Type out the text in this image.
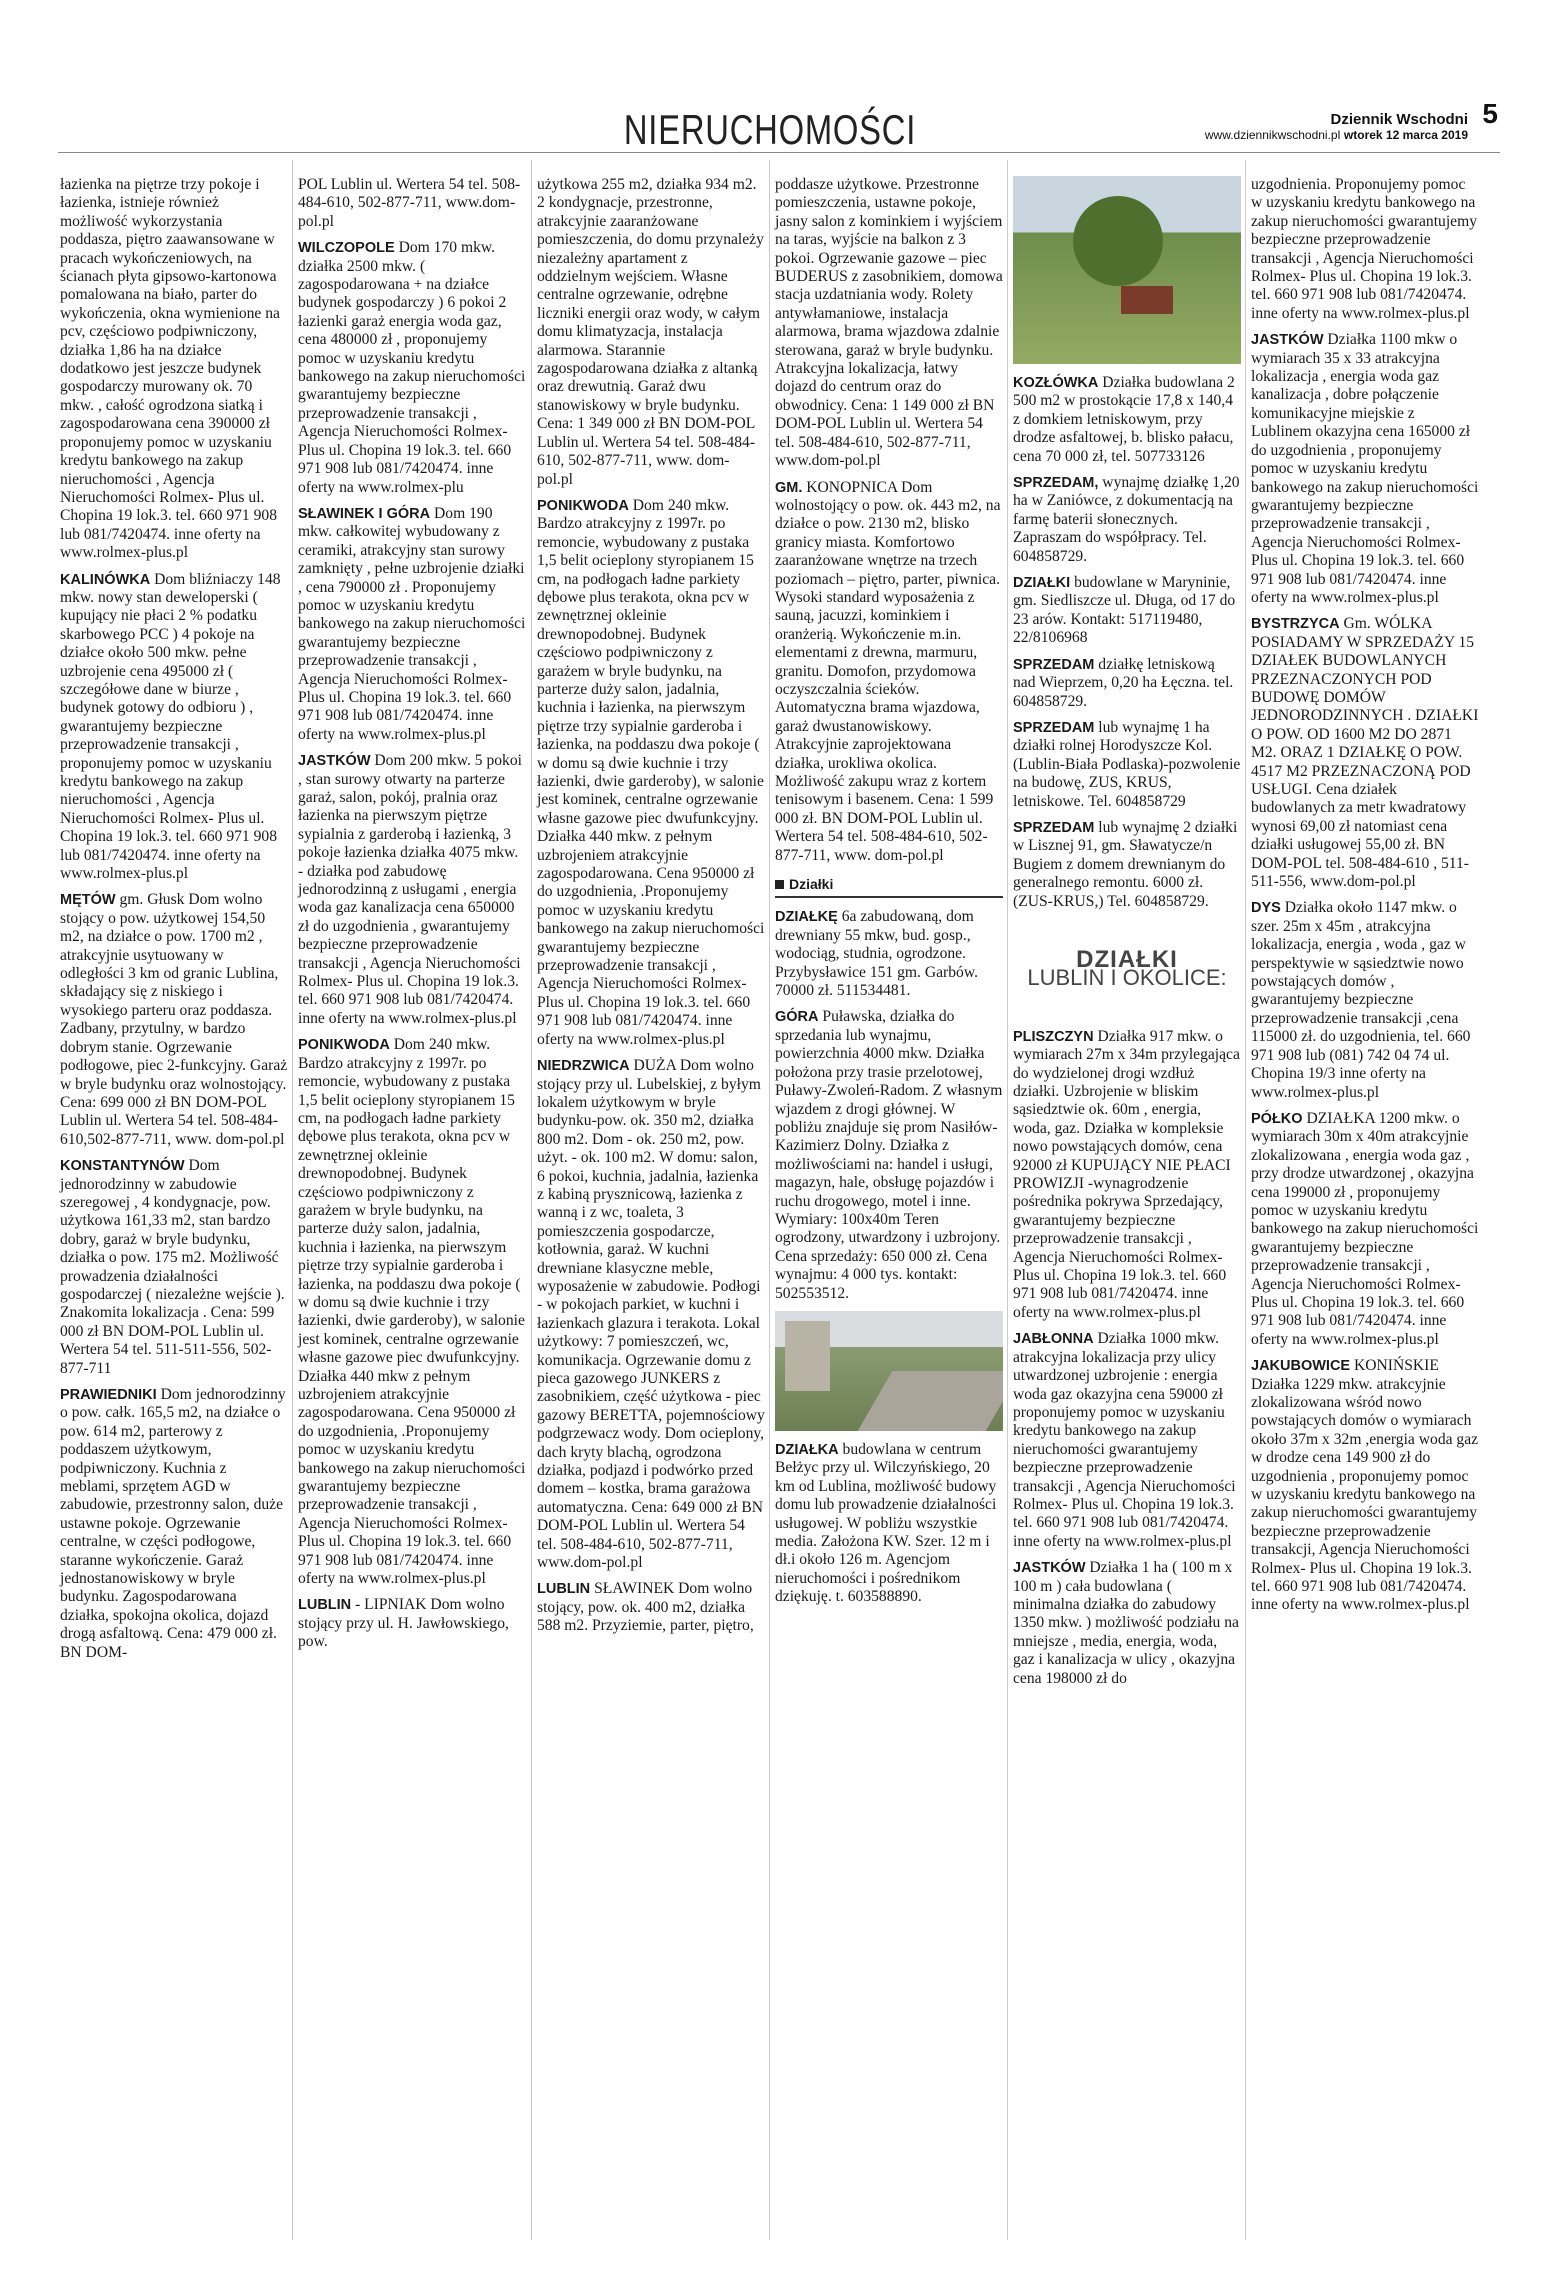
NIERUCHOMOŚCI	Dziennik Wschodni 5
www.dziennikwschodni.pl wtorek 12 marca 2019

łazienka na piętrze trzy pokoje i łazienka, istnieje również możliwość wykorzystania poddasza, piętro zaawansowane w pracach wykończeniowych, na ścianach płyta gipsowo-kartonowa pomalowana na biało, parter do wykończenia, okna wymienione na pcv, częściowo podpiwniczony, działka 1,86 ha na działce dodatkowo jest jeszcze budynek gospodarczy murowany ok. 70 mkw. , całość ogrodzona siatką i zagospodarowana cena 390000 zł proponujemy pomoc w uzyskaniu kredytu bankowego na zakup nieruchomości , Agencja Nieruchomości Rolmex- Plus ul. Chopina 19 lok.3. tel. 660 971 908 lub 081/7420474. inne oferty na www.rolmex-plus.pl

KALINÓWKA Dom bliźniaczy 148 mkw. nowy stan deweloperski ( kupujący nie płaci 2 % podatku skarbowego PCC ) 4 pokoje na działce około 500 mkw. pełne uzbrojenie cena 495000 zł ( szczegółowe dane w biurze , budynek gotowy do odbioru ) , gwarantujemy bezpieczne przeprowadzenie transakcji , proponujemy pomoc w uzyskaniu kredytu bankowego na zakup nieruchomości , Agencja Nieruchomości Rolmex- Plus ul. Chopina 19 lok.3. tel. 660 971 908 lub 081/7420474. inne oferty na www.rolmex-plus.pl

MĘTÓW gm. Głusk Dom wolno stojący o pow. użytkowej 154,50 m2, na działce o pow. 1700 m2 , atrakcyjnie usytuowany w odległości 3 km od granic Lublina, składający się z niskiego i wysokiego parteru oraz poddasza. Zadbany, przytulny, w bardzo dobrym stanie. Ogrzewanie podłogowe, piec 2-funkcyjny. Garaż w bryle budynku oraz wolnostojący. Cena: 699 000 zł BN DOM-POL Lublin ul. Wertera 54 tel. 508-484-610,502-877-711, www. dom-pol.pl

KONSTANTYNÓW Dom jednorodzinny w zabudowie szeregowej , 4 kondygnacje, pow. użytkowa 161,33 m2, stan bardzo dobry, garaż w bryle budynku, działka o pow. 175 m2. Możliwość prowadzenia działalności gospodarczej ( niezależne wejście ). Znakomita lokalizacja . Cena: 599 000 zł BN DOM-POL Lublin ul. Wertera 54 tel. 511-511-556, 502-877-711

PRAWIEDNIKI Dom jednorodzinny o pow. całk. 165,5 m2, na działce o pow. 614 m2, parterowy z poddaszem użytkowym, podpiwniczony. Kuchnia z meblami, sprzętem AGD w zabudowie, przestronny salon, duże ustawne pokoje. Ogrzewanie centralne, w części podłogowe, staranne wykończenie. Garaż jednostanowiskowy w bryle budynku. Zagospodarowana działka, spokojna okolica, dojazd drogą asfaltową. Cena: 479 000 zł. BN DOM-

POL Lublin ul. Wertera 54 tel. 508-484-610, 502-877-711, www.dom-pol.pl

WILCZOPOLE Dom 170 mkw. działka 2500 mkw. ( zagospodarowana + na działce budynek gospodarczy ) 6 pokoi 2 łazienki garaż energia woda gaz, cena 480000 zł , proponujemy pomoc w uzyskaniu kredytu bankowego na zakup nieruchomości gwarantujemy bezpieczne przeprowadzenie transakcji , Agencja Nieruchomości Rolmex- Plus ul. Chopina 19 lok.3. tel. 660 971 908 lub 081/7420474. inne oferty na www.rolmex-plu

SŁAWINEK I GÓRA Dom 190 mkw. całkowitej wybudowany z ceramiki, atrakcyjny stan surowy zamknięty , pełne uzbrojenie działki , cena 790000 zł . Proponujemy pomoc w uzyskaniu kredytu bankowego na zakup nieruchomości gwarantujemy bezpieczne przeprowadzenie transakcji , Agencja Nieruchomości Rolmex- Plus ul. Chopina 19 lok.3. tel. 660 971 908 lub 081/7420474. inne oferty na www.rolmex-plus.pl

JASTKÓW Dom 200 mkw. 5 pokoi , stan surowy otwarty na parterze garaż, salon, pokój, pralnia oraz łazienka na pierwszym piętrze sypialnia z garderobą i łazienką, 3 pokoje łazienka działka 4075 mkw. - działka pod zabudowę jednorodzinną z usługami , energia woda gaz kanalizacja cena 650000 zł do uzgodnienia , gwarantujemy bezpieczne przeprowadzenie transakcji , Agencja Nieruchomości Rolmex- Plus ul. Chopina 19 lok.3. tel. 660 971 908 lub 081/7420474. inne oferty na www.rolmex-plus.pl

PONIKWODA Dom 240 mkw. Bardzo atrakcyjny z 1997r. po remoncie, wybudowany z pustaka 1,5 belit ocieplony styropianem 15 cm, na podłogach ładne parkiety dębowe plus terakota, okna pcv w zewnętrznej okleinie drewnopodobnej. Budynek częściowo podpiwniczony z garażem w bryle budynku, na parterze duży salon, jadalnia, kuchnia i łazienka, na pierwszym piętrze trzy sypialnie garderoba i łazienka, na poddaszu dwa pokoje ( w domu są dwie kuchnie i trzy łazienki, dwie garderoby), w salonie jest kominek, centralne ogrzewanie własne gazowe piec dwufunkcyjny. Działka 440 mkw z pełnym uzbrojeniem atrakcyjnie zagospodarowana. Cena 950000 zł do uzgodnienia, .Proponujemy pomoc w uzyskaniu kredytu bankowego na zakup nieruchomości gwarantujemy bezpieczne przeprowadzenie transakcji , Agencja Nieruchomości Rolmex- Plus ul. Chopina 19 lok.3. tel. 660 971 908 lub 081/7420474. inne oferty na www.rolmex-plus.pl

LUBLIN - LIPNIAK Dom wolno stojący przy ul. H. Jawłowskiego, pow.

użytkowa 255 m2, działka 934 m2. 2 kondygnacje, przestronne, atrakcyjnie zaaranżowane pomieszczenia, do domu przynależy niezależny apartament z oddzielnym wejściem. Własne centralne ogrzewanie, odrębne liczniki energii oraz wody, w całym domu klimatyzacja, instalacja alarmowa. Starannie zagospodarowana działka z altanką oraz drewutnią. Garaż dwu stanowiskowy w bryle budynku. Cena: 1 349 000 zł BN DOM-POL Lublin ul. Wertera 54 tel. 508-484-610, 502-877-711, www. dom-pol.pl

PONIKWODA Dom 240 mkw. Bardzo atrakcyjny z 1997r. po remoncie, wybudowany z pustaka 1,5 belit ocieplony styropianem 15 cm, na podłogach ładne parkiety dębowe plus terakota, okna pcv w zewnętrznej okleinie drewnopodobnej. Budynek częściowo podpiwniczony z garażem w bryle budynku, na parterze duży salon, jadalnia, kuchnia i łazienka, na pierwszym piętrze trzy sypialnie garderoba i łazienka, na poddaszu dwa pokoje ( w domu są dwie kuchnie i trzy łazienki, dwie garderoby), w salonie jest kominek, centralne ogrzewanie własne gazowe piec dwufunkcyjny. Działka 440 mkw. z pełnym uzbrojeniem atrakcyjnie zagospodarowana. Cena 950000 zł do uzgodnienia, .Proponujemy pomoc w uzyskaniu kredytu bankowego na zakup nieruchomości gwarantujemy bezpieczne przeprowadzenie transakcji , Agencja Nieruchomości Rolmex- Plus ul. Chopina 19 lok.3. tel. 660 971 908 lub 081/7420474. inne oferty na www.rolmex-plus.pl

NIEDRZWICA DUŻA Dom wolno stojący przy ul. Lubelskiej, z byłym lokalem użytkowym w bryle budynku-pow. ok. 350 m2, działka 800 m2. Dom - ok. 250 m2, pow. użyt. - ok. 100 m2. W domu: salon, 6 pokoi, kuchnia, jadalnia, łazienka z kabiną prysznicową, łazienka z wanną i z wc, toaleta, 3 pomieszczenia gospodarcze, kotłownia, garaż. W kuchni drewniane klasyczne meble, wyposażenie w zabudowie. Podłogi - w pokojach parkiet, w kuchni i łazienkach glazura i terakota. Lokal użytkowy: 7 pomieszczeń, wc, komunikacja. Ogrzewanie domu z pieca gazowego JUNKERS z zasobnikiem, część użytkowa - piec gazowy BERETTA, pojemnościowy podgrzewacz wody. Dom ocieplony, dach kryty blachą, ogrodzona działka, podjazd i podwórko przed domem – kostka, brama garażowa automatyczna. Cena: 649 000 zł BN DOM-POL Lublin ul. Wertera 54 tel. 508-484-610, 502-877-711, www.dom-pol.pl

LUBLIN SŁAWINEK Dom wolno stojący, pow. ok. 400 m2, działka 588 m2. Przyziemie, parter, piętro,

poddasze użytkowe. Przestronne pomieszczenia, ustawne pokoje, jasny salon z kominkiem i wyjściem na taras, wyjście na balkon z 3 pokoi. Ogrzewanie gazowe – piec BUDERUS z zasobnikiem, domowa stacja uzdatniania wody. Rolety antywłamaniowe, instalacja alarmowa, brama wjazdowa zdalnie sterowana, garaż w bryle budynku. Atrakcyjna lokalizacja, łatwy dojazd do centrum oraz do obwodnicy. Cena: 1 149 000 zł BN DOM-POL Lublin ul. Wertera 54 tel. 508-484-610, 502-877-711, www.dom-pol.pl

GM. KONOPNICA Dom wolnostojący o pow. ok. 443 m2, na działce o pow. 2130 m2, blisko granicy miasta. Komfortowo zaaranżowane wnętrze na trzech poziomach – piętro, parter, piwnica. Wysoki standard wyposażenia z sauną, jacuzzi, kominkiem i oranżerią. Wykończenie m.in. elementami z drewna, marmuru, granitu. Domofon, przydomowa oczyszczalnia ścieków. Automatyczna brama wjazdowa, garaż dwustanowiskowy. Atrakcyjnie zaprojektowana działka, urokliwa okolica. Możliwość zakupu wraz z kortem tenisowym i basenem. Cena: 1 599 000 zł. BN DOM-POL Lublin ul. Wertera 54 tel. 508-484-610, 502-877-711, www. dom-pol.pl

Działki

DZIAŁKĘ 6a zabudowaną, dom drewniany 55 mkw, bud. gosp., wodociąg, studnia, ogrodzone. Przybysławice 151 gm. Garbów. 70000 zł. 511534481.

GÓRA Puławska, działka do sprzedania lub wynajmu, powierzchnia 4000 mkw. Działka położona przy trasie przelotowej, Puławy-Zwoleń-Radom. Z własnym wjazdem z drogi głównej. W pobliżu znajduje się prom Nasiłów-Kazimierz Dolny. Działka z możliwościami na: handel i usługi, magazyn, hale, obsługę pojazdów i ruchu drogowego, motel i inne. Wymiary: 100x40m Teren ogrodzony, utwardzony i uzbrojony. Cena sprzedaży: 650 000 zł. Cena wynajmu: 4 000 tys. kontakt: 502553512.

DZIAŁKA budowlana w centrum Bełżyc przy ul. Wilczyńskiego, 20 km od Lublina, możliwość budowy domu lub prowadzenie działalności usługowej. W pobliżu wszystkie media. Założona KW. Szer. 12 m i dł.i około 126 m. Agencjom nieruchomości i pośrednikom dziękuję. t. 603588890.

KOZŁÓWKA Działka budowlana 2 500 m2 w prostokącie 17,8 x 140,4 z domkiem letniskowym, przy drodze asfaltowej, b. blisko pałacu, cena 70 000 zł, tel. 507733126

SPRZEDAM, wynajmę działkę 1,20 ha w Zaniówce, z dokumentacją na farmę baterii słonecznych. Zapraszam do współpracy. Tel. 604858729.

DZIAŁKI budowlane w Maryninie, gm. Siedliszcze ul. Długa, od 17 do 23 arów. Kontakt: 517119480, 22/8106968

SPRZEDAM działkę letniskową nad Wieprzem, 0,20 ha Łęczna. tel. 604858729.

SPRZEDAM lub wynajmę 1 ha działki rolnej Horodyszcze Kol. (Lublin-Biała Podlaska)-pozwolenie na budowę, ZUS, KRUS, letniskowe. Tel. 604858729

SPRZEDAM lub wynajmę 2 działki w Lisznej 91, gm. Sławatycze/n Bugiem z domem drewnianym do generalnego remontu. 6000 zł. (ZUS-KRUS,) Tel. 604858729.

DZIAŁKI
LUBLIN I OKOLICE:

PLISZCZYN Działka 917 mkw. o wymiarach 27m x 34m przylegająca do wydzielonej drogi wzdłuż działki. Uzbrojenie w bliskim sąsiedztwie ok. 60m , energia, woda, gaz. Działka w kompleksie nowo powstających domów, cena 92000 zł KUPUJĄCY NIE PŁACI PROWIZJI -wynagrodzenie pośrednika pokrywa Sprzedający, gwarantujemy bezpieczne przeprowadzenie transakcji , Agencja Nieruchomości Rolmex- Plus ul. Chopina 19 lok.3. tel. 660 971 908 lub 081/7420474. inne oferty na www.rolmex-plus.pl

JABŁONNA Działka 1000 mkw. atrakcyjna lokalizacja przy ulicy utwardzonej uzbrojenie : energia woda gaz okazyjna cena 59000 zł proponujemy pomoc w uzyskaniu kredytu bankowego na zakup nieruchomości gwarantujemy bezpieczne przeprowadzenie transakcji , Agencja Nieruchomości Rolmex- Plus ul. Chopina 19 lok.3. tel. 660 971 908 lub 081/7420474. inne oferty na www.rolmex-plus.pl

JASTKÓW Działka 1 ha ( 100 m x 100 m ) cała budowlana ( minimalna działka do zabudowy 1350 mkw. ) możliwość podziału na mniejsze , media, energia, woda, gaz i kanalizacja w ulicy , okazyjna cena 198000 zł do

uzgodnienia. Proponujemy pomoc w uzyskaniu kredytu bankowego na zakup nieruchomości gwarantujemy bezpieczne przeprowadzenie transakcji , Agencja Nieruchomości Rolmex- Plus ul. Chopina 19 lok.3. tel. 660 971 908 lub 081/7420474. inne oferty na www.rolmex-plus.pl

JASTKÓW Działka 1100 mkw o wymiarach 35 x 33 atrakcyjna lokalizacja , energia woda gaz kanalizacja , dobre połączenie komunikacyjne miejskie z Lublinem okazyjna cena 165000 zł do uzgodnienia , proponujemy pomoc w uzyskaniu kredytu bankowego na zakup nieruchomości gwarantujemy bezpieczne przeprowadzenie transakcji , Agencja Nieruchomości Rolmex- Plus ul. Chopina 19 lok.3. tel. 660 971 908 lub 081/7420474. inne oferty na www.rolmex-plus.pl

BYSTRZYCA Gm. WÓLKA POSIADAMY W SPRZEDAŻY 15 DZIAŁEK BUDOWLANYCH PRZEZNACZONYCH POD BUDOWĘ DOMÓW JEDNORODZINNYCH . DZIAŁKI O POW. OD 1600 M2 DO 2871 M2. ORAZ 1 DZIAŁKĘ O POW. 4517 M2 PRZEZNACZONĄ POD USŁUGI. Cena działek budowlanych za metr kwadratowy wynosi 69,00 zł natomiast cena działki usługowej 55,00 zł. BN DOM-POL tel. 508-484-610 , 511-511-556, www.dom-pol.pl

DYS Działka około 1147 mkw. o szer. 25m x 45m , atrakcyjna lokalizacja, energia , woda , gaz w perspektywie w sąsiedztwie nowo powstających domów , gwarantujemy bezpieczne przeprowadzenie transakcji ,cena 115000 zł. do uzgodnienia, tel. 660 971 908 lub (081) 742 04 74 ul. Chopina 19/3 inne oferty na www.rolmex-plus.pl

PÓŁKO DZIAŁKA 1200 mkw. o wymiarach 30m x 40m atrakcyjnie zlokalizowana , energia woda gaz , przy drodze utwardzonej , okazyjna cena 199000 zł , proponujemy pomoc w uzyskaniu kredytu bankowego na zakup nieruchomości gwarantujemy bezpieczne przeprowadzenie transakcji , Agencja Nieruchomości Rolmex- Plus ul. Chopina 19 lok.3. tel. 660 971 908 lub 081/7420474. inne oferty na www.rolmex-plus.pl

JAKUBOWICE KONIŃSKIE Działka 1229 mkw. atrakcyjnie zlokalizowana wśród nowo powstających domów o wymiarach około 37m x 32m ,energia woda gaz w drodze cena 149 900 zł do uzgodnienia , proponujemy pomoc w uzyskaniu kredytu bankowego na zakup nieruchomości gwarantujemy bezpieczne przeprowadzenie transakcji, Agencja Nieruchomości Rolmex- Plus ul. Chopina 19 lok.3. tel. 660 971 908 lub 081/7420474. inne oferty na www.rolmex-plus.pl
